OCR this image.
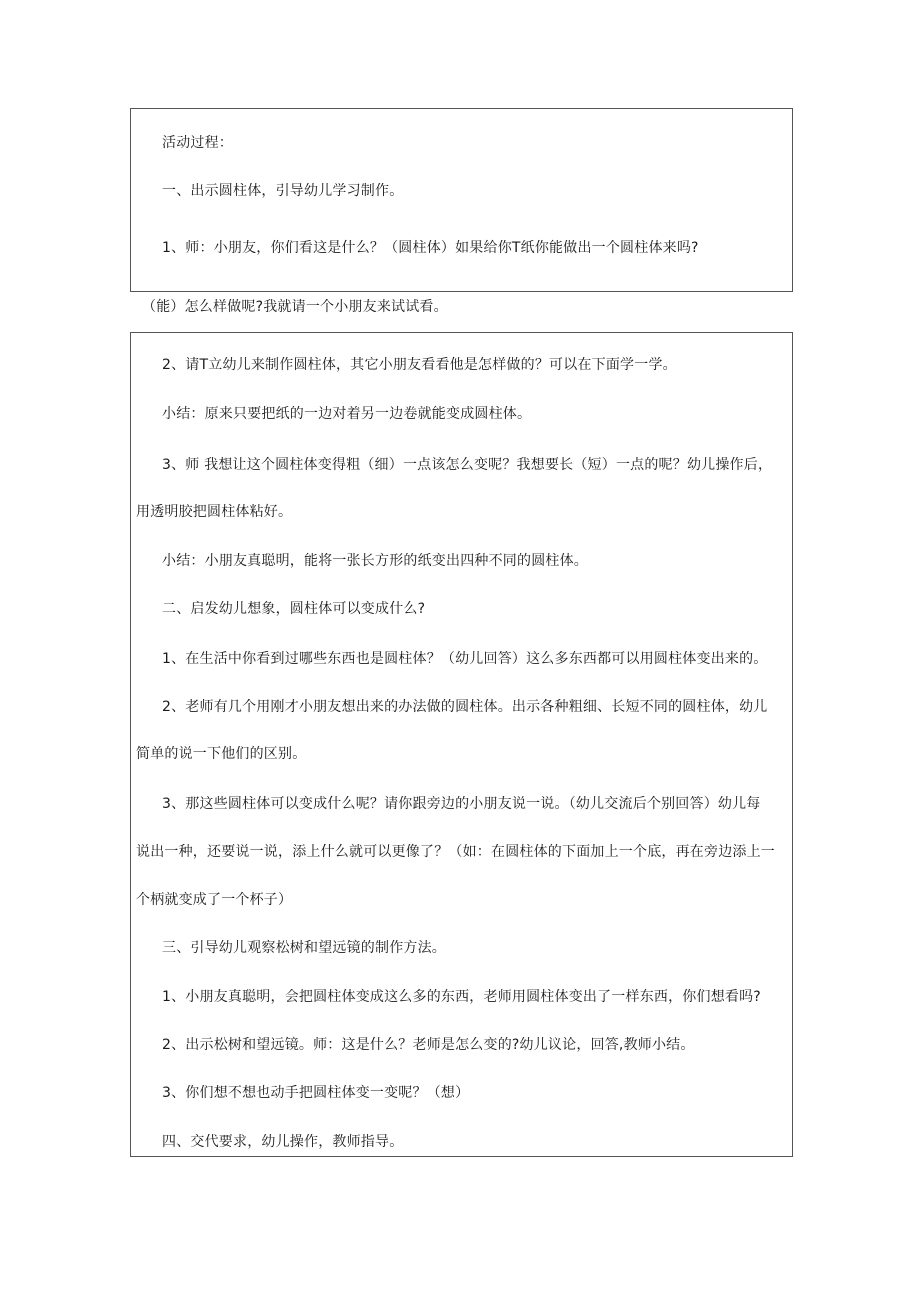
活动过程：
一、出示圆柱体，引导幼儿学习制作。
1、师：小朋友，你们看这是什么？（圆柱体）如果给你T纸你能做出一个圆柱体来吗?
（能）怎么样做呢?我就请一个小朋友来试试看。
2、请T立幼儿来制作圆柱体，其它小朋友看看他是怎样做的？可以在下面学一学。
小结：原来只要把纸的一边对着另一边卷就能变成圆柱体。
3、师 我想让这个圆柱体变得粗（细）一点该怎么变呢？我想要长（短）一点的呢？幼儿操作后，
用透明胶把圆柱体粘好。
小结：小朋友真聪明，能将一张长方形的纸变出四种不同的圆柱体。
二、启发幼儿想象，圆柱体可以变成什么?
1、在生活中你看到过哪些东西也是圆柱体？（幼儿回答）这么多东西都可以用圆柱体变出来的。
2、老师有几个用刚才小朋友想出来的办法做的圆柱体。出示各种粗细、长短不同的圆柱体，幼儿
简单的说一下他们的区别。
3、那这些圆柱体可以变成什么呢？请你跟旁边的小朋友说一说。（幼儿交流后个别回答）幼儿每
说出一种，还要说一说，添上什么就可以更像了？（如：在圆柱体的下面加上一个底，再在旁边添上一
个柄就变成了一个杯子）
三、引导幼儿观察松树和望远镜的制作方法。
1、小朋友真聪明，会把圆柱体变成这么多的东西，老师用圆柱体变出了一样东西，你们想看吗?
2、出示松树和望远镜。师：这是什么？老师是怎么变的?幼儿议论，回答,教师小结。
3、你们想不想也动手把圆柱体变一变呢？（想）
四、交代要求，幼儿操作，教师指导。
